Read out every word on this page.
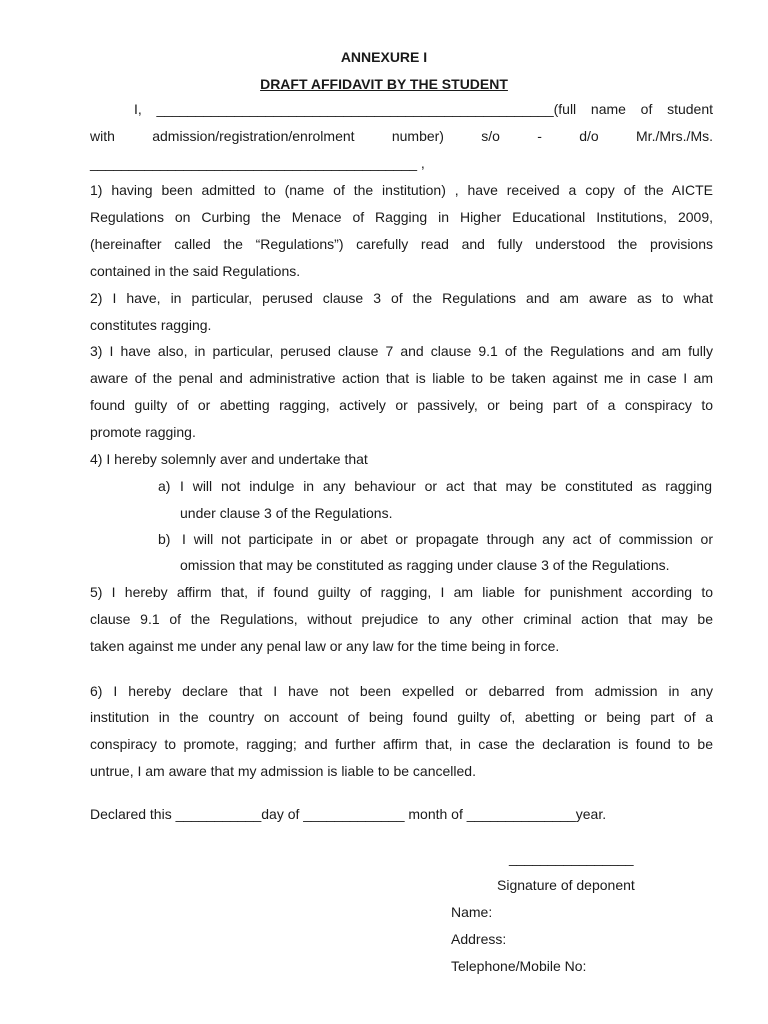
ANNEXURE I
DRAFT AFFIDAVIT BY THE STUDENT
I, ___________________________________________________(full name of student
with admission/registration/enrolment number) s/o - d/o Mr./Mrs./Ms.
__________________________________________ ,
1) having been admitted to (name of the institution) , have received a copy of the AICTE
Regulations on Curbing the Menace of Ragging in Higher Educational Institutions, 2009,
(hereinafter called the “Regulations”) carefully read and fully understood the provisions
contained in the said Regulations.
2) I have, in particular, perused clause 3 of the Regulations and am aware as to what
constitutes ragging.
3) I have also, in particular, perused clause 7 and clause 9.1 of the Regulations and am fully
aware of the penal and administrative action that is liable to be taken against me in case I am
found guilty of or abetting ragging, actively or passively, or being part of a conspiracy to
promote ragging.
4) I hereby solemnly aver and undertake that
a) I will not indulge in any behaviour or act that may be constituted as ragging
under clause 3 of the Regulations.
b) I will not participate in or abet or propagate through any act of commission or
omission that may be constituted as ragging under clause 3 of the Regulations.
5) I hereby affirm that, if found guilty of ragging, I am liable for punishment according to
clause 9.1 of the Regulations, without prejudice to any other criminal action that may be
taken against me under any penal law or any law for the time being in force.
6) I hereby declare that I have not been expelled or debarred from admission in any
institution in the country on account of being found guilty of, abetting or being part of a
conspiracy to promote, ragging; and further affirm that, in case the declaration is found to be
untrue, I am aware that my admission is liable to be cancelled.
Declared this ___________day of _____________ month of ______________year.
________________
Signature of deponent
Name:
Address:
Telephone/Mobile No:
